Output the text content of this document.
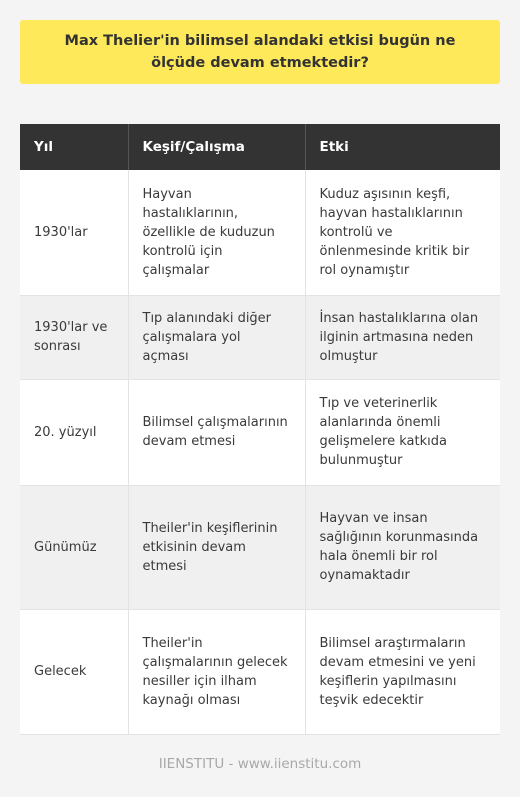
Max Thelier'in bilimsel alandaki etkisi bugün ne ölçüde devam etmektedir?
Yıl	Keşif/Çalışma	Etki
1930'lar	Hayvan hastalıklarının, özellikle de kuduzun kontrolü için çalışmalar	Kuduz aşısının keşfi, hayvan hastalıklarının kontrolü ve önlenmesinde kritik bir rol oynamıştır
1930'lar ve sonrası	Tıp alanındaki diğer çalışmalara yol açması	İnsan hastalıklarına olan ilginin artmasına neden olmuştur
20. yüzyıl	Bilimsel çalışmalarının devam etmesi	Tıp ve veterinerlik alanlarında önemli gelişmelere katkıda bulunmuştur
Günümüz	Theiler'in keşiflerinin etkisinin devam etmesi	Hayvan ve insan sağlığının korunmasında hala önemli bir rol oynamaktadır
Gelecek	Theiler'in çalışmalarının gelecek nesiller için ilham kaynağı olması	Bilimsel araştırmaların devam etmesini ve yeni keşiflerin yapılmasını teşvik edecektir
IIENSTITU - www.iienstitu.com
